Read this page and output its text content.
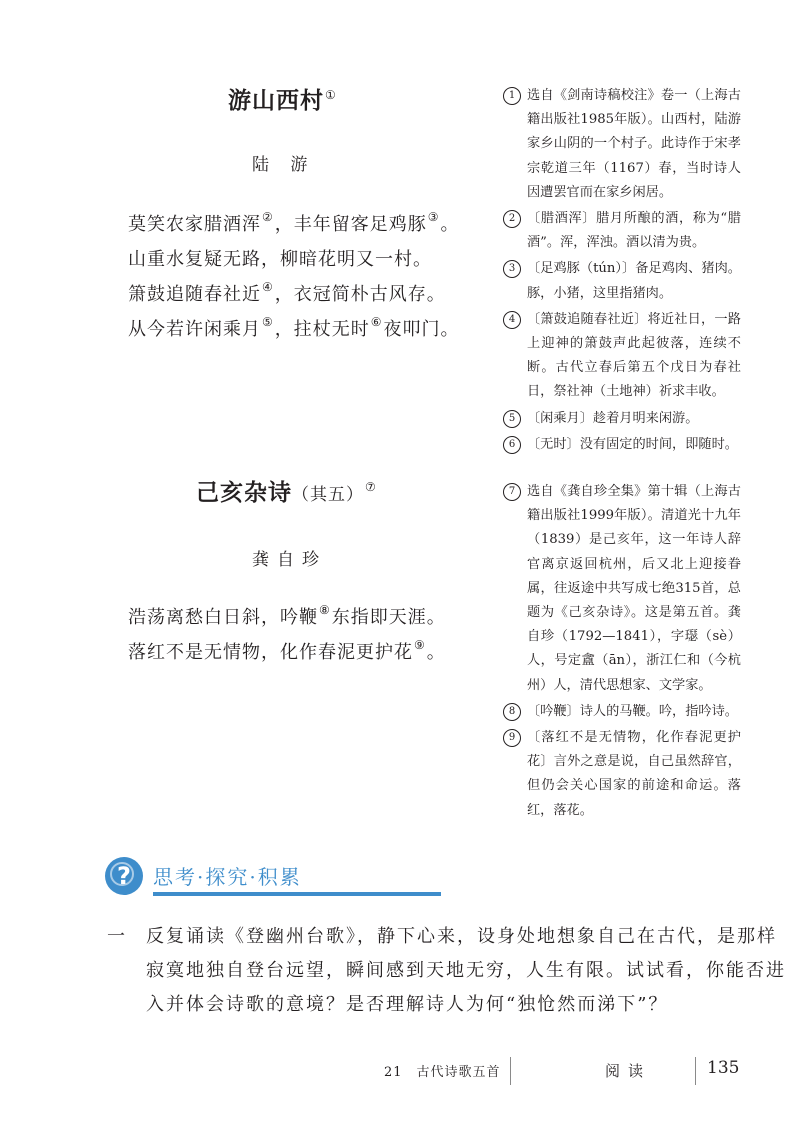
游山西村①
陆 游
莫笑农家腊酒浑②，丰年留客足鸡豚③。
山重水复疑无路，柳暗花明又一村。
箫鼓追随春社近④，衣冠简朴古风存。
从今若许闲乘月⑤，拄杖无时⑥夜叩门。
1 选自《剑南诗稿校注》卷一（上海古籍出版社1985年版）。山西村，陆游家乡山阴的一个村子。此诗作于宋孝宗乾道三年（1167）春，当时诗人因遭罢官而在家乡闲居。
2 〔腊酒浑〕腊月所酿的酒，称为“腊酒”。浑，浑浊。酒以清为贵。
3 〔足鸡豚（tún）〕备足鸡肉、猪肉。豚，小猪，这里指猪肉。
4 〔箫鼓追随春社近〕将近社日，一路上迎神的箫鼓声此起彼落，连续不断。古代立春后第五个戊日为春社日，祭社神（土地神）祈求丰收。
5 〔闲乘月〕趁着月明来闲游。
6 〔无时〕没有固定的时间，即随时。
己亥杂诗（其五）⑦
龚自珍
浩荡离愁白日斜，吟鞭⑧东指即天涯。
落红不是无情物，化作春泥更护花⑨。
7 选自《龚自珍全集》第十辑（上海古籍出版社1999年版）。清道光十九年（1839）是己亥年，这一年诗人辞官离京返回杭州，后又北上迎接眷属，往返途中共写成七绝315首，总题为《己亥杂诗》。这是第五首。龚自珍（1792—1841），字璱（sè）人，号定盦（ān），浙江仁和（今杭州）人，清代思想家、文学家。
8 〔吟鞭〕诗人的马鞭。吟，指吟诗。
9 〔落红不是无情物，化作春泥更护花〕言外之意是说，自己虽然辞官，但仍会关心国家的前途和命运。落红，落花。
?	思考·探究·积累
一 反复诵读《登幽州台歌》，静下心来，设身处地想象自己在古代，是那样
寂寞地独自登台远望，瞬间感到天地无穷，人生有限。试试看，你能否进
入并体会诗歌的意境？是否理解诗人为何“独怆然而涕下”？
21　古代诗歌五首	阅读	135
